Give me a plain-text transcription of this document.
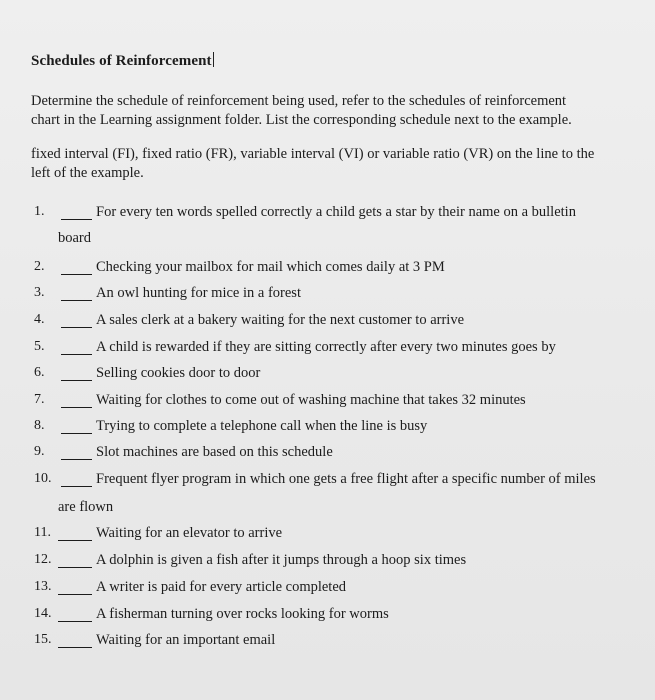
Schedules of Reinforcement
Determine the schedule of reinforcement being used, refer to the schedules of reinforcement
chart in the Learning assignment folder. List the corresponding schedule next to the example.
fixed interval (FI), fixed ratio (FR), variable interval (VI) or variable ratio (VR) on the line to the
left of the example.
1.	For every ten words spelled correctly a child gets a star by their name on a bulletin
board
2.	Checking your mailbox for mail which comes daily at 3 PM
3.	An owl hunting for mice in a forest
4.	A sales clerk at a bakery waiting for the next customer to arrive
5.	A child is rewarded if they are sitting correctly after every two minutes goes by
6.	Selling cookies door to door
7.	Waiting for clothes to come out of washing machine that takes 32 minutes
8.	Trying to complete a telephone call when the line is busy
9.	Slot machines are based on this schedule
10.	Frequent flyer program in which one gets a free flight after a specific number of miles
are flown
11.	Waiting for an elevator to arrive
12.	A dolphin is given a fish after it jumps through a hoop six times
13.	A writer is paid for every article completed
14.	A fisherman turning over rocks looking for worms
15.	Waiting for an important email
